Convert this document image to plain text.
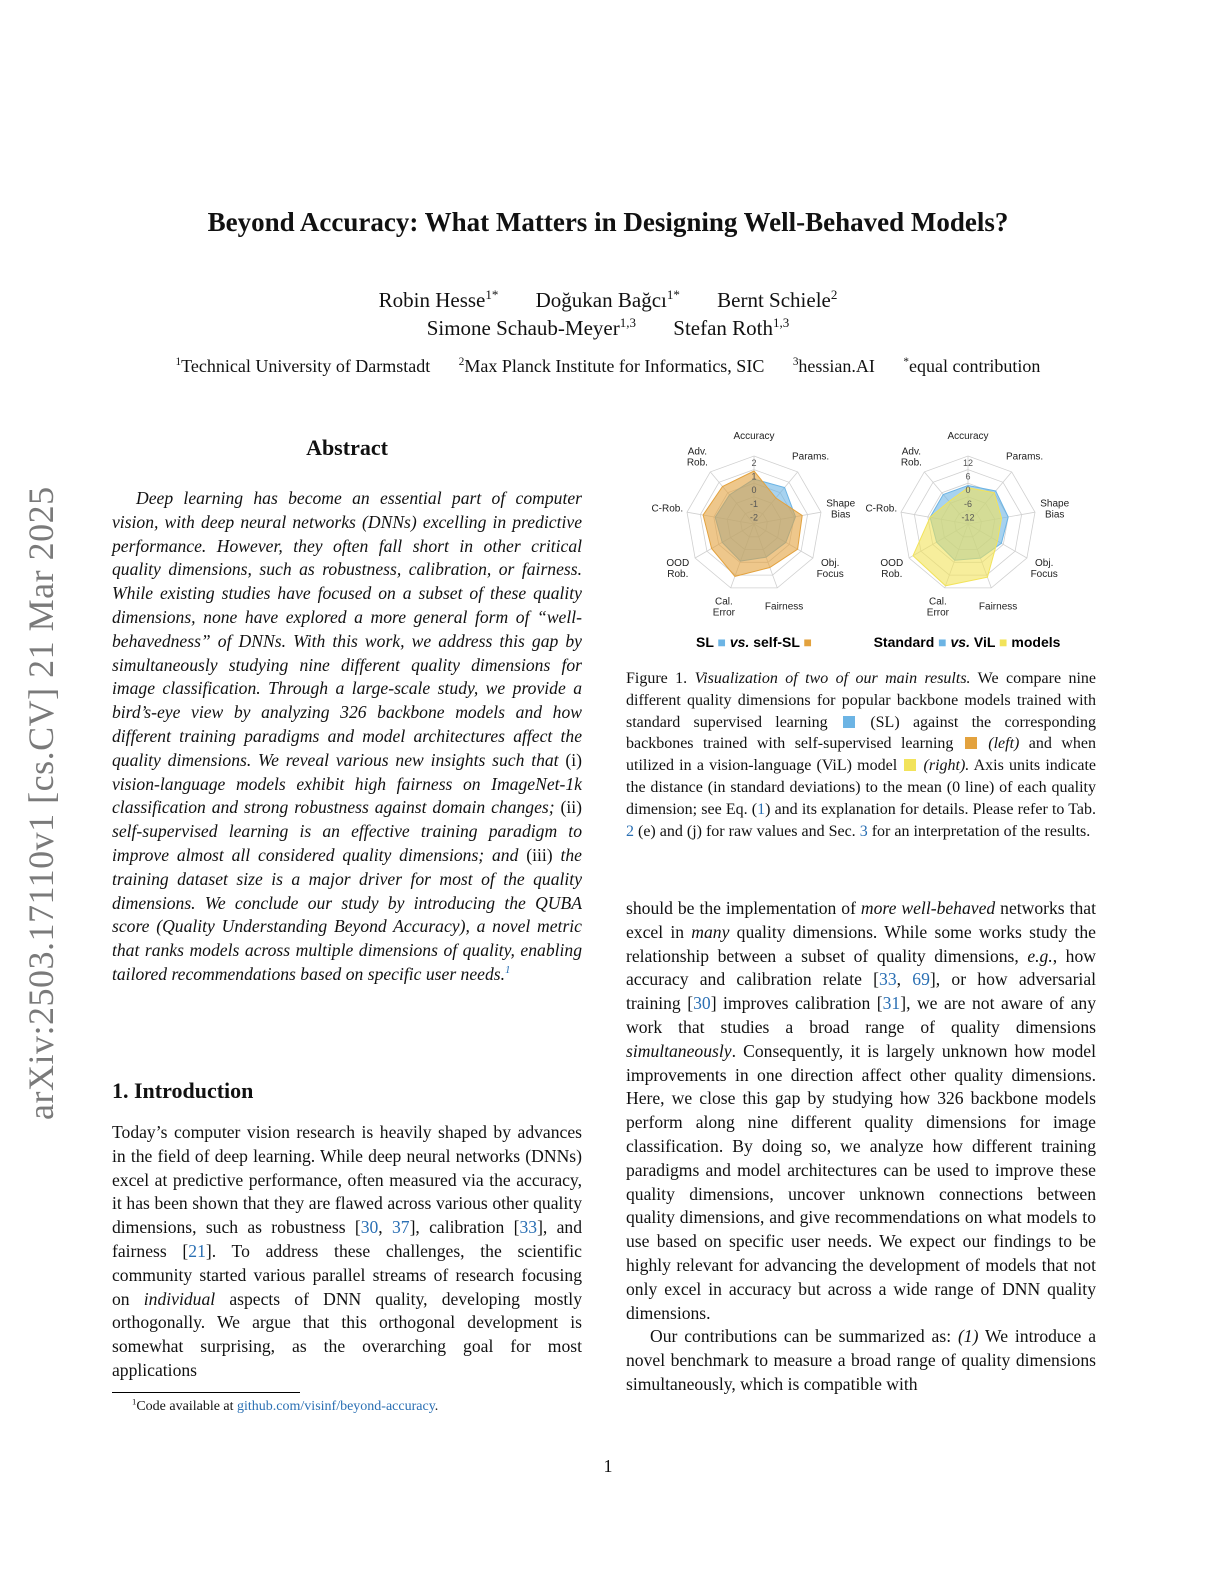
arXiv:2503.17110v1 [cs.CV] 21 Mar 2025
Beyond Accuracy: What Matters in Designing Well-Behaved Models?
Robin Hesse$^{1*}$ Doğukan Bağcı$^{1*}$ Bernt Schiele$^2$
Simone Schaub-Meyer$^{1,3}$ Stefan Roth$^{1,3}$
$^1$Technical University of Darmstadt	$^2$Max Planck Institute for Informatics, SIC	$^3$hessian.AI	*equal contribution
Abstract
Deep learning has become an essential part of computer vision, with deep neural networks (DNNs) excelling in predictive performance. However, they often fall short in other critical quality dimensions, such as robustness, calibration, or fairness. While existing studies have focused on a subset of these quality dimensions, none have explored a more general form of “well-behavedness” of DNNs. With this work, we address this gap by simultaneously studying nine different quality dimensions for image classification. Through a large-scale study, we provide a bird’s-eye view by analyzing 326 backbone models and how different training paradigms and model architectures affect the quality dimensions. We reveal various new insights such that (i) vision-language models exhibit high fairness on ImageNet-1k classification and strong robustness against domain changes; (ii) self-supervised learning is an effective training paradigm to improve almost all considered quality dimensions; and (iii) the training dataset size is a major driver for most of the quality dimensions. We conclude our study by introducing the QUBA score (Quality Understanding Beyond Accuracy), a novel metric that ranks models across multiple dimensions of quality, enabling tailored recommendations based on specific user needs.$^1$
1. Introduction
Today’s computer vision research is heavily shaped by advances in the field of deep learning. While deep neural networks (DNNs) excel at predictive performance, often measured via the accuracy, it has been shown that they are flawed across various other quality dimensions, such as robustness [30, 37], calibration [33], and fairness [21]. To address these challenges, the scientific community started various parallel streams of research focusing on individual aspects of DNN quality, developing mostly orthogonally. We argue that this orthogonal development is somewhat surprising, as the overarching goal for most applications
$^1$Code available at github.com/visinf/beyond-accuracy.
2
1
0
-1
-2
Accuracy
Params.
Shape Bias
Obj. Focus
Fairness
Cal. Error
OOD Rob.
C-Rob.
Adv. Rob.	12
6
0
-6
-12
Accuracy
Params.
Shape Bias
Obj. Focus
Fairness
Cal. Error
OOD Rob.
C-Rob.
Adv. Rob.
SL ■ vs. self-SL ■	Standard ■ vs. ViL ■ models
Figure 1. Visualization of two of our main results. We compare nine different quality dimensions for popular backbone models trained with standard supervised learning  (SL) against the corresponding backbones trained with self-supervised learning  (left) and when utilized in a vision-language (ViL) model  (right). Axis units indicate the distance (in standard deviations) to the mean (0 line) of each quality dimension; see Eq. (1) and its explanation for details. Please refer to Tab. 2 (e) and (j) for raw values and Sec. 3 for an interpretation of the results.

should be the implementation of more well-behaved networks that excel in many quality dimensions. While some works study the relationship between a subset of quality dimensions, e.g., how accuracy and calibration relate [33, 69], or how adversarial training [30] improves calibration [31], we are not aware of any work that studies a broad range of quality dimensions simultaneously. Consequently, it is largely unknown how model improvements in one direction affect other quality dimensions. Here, we close this gap by studying how 326 backbone models perform along nine different quality dimensions for image classification. By doing so, we analyze how different training paradigms and model architectures can be used to improve these quality dimensions, uncover unknown connections between quality dimensions, and give recommendations on what models to use based on specific user needs. We expect our findings to be highly relevant for advancing the development of models that not only excel in accuracy but across a wide range of DNN quality dimensions.

Our contributions can be summarized as: (1) We introduce a novel benchmark to measure a broad range of quality dimensions simultaneously, which is compatible with

1
